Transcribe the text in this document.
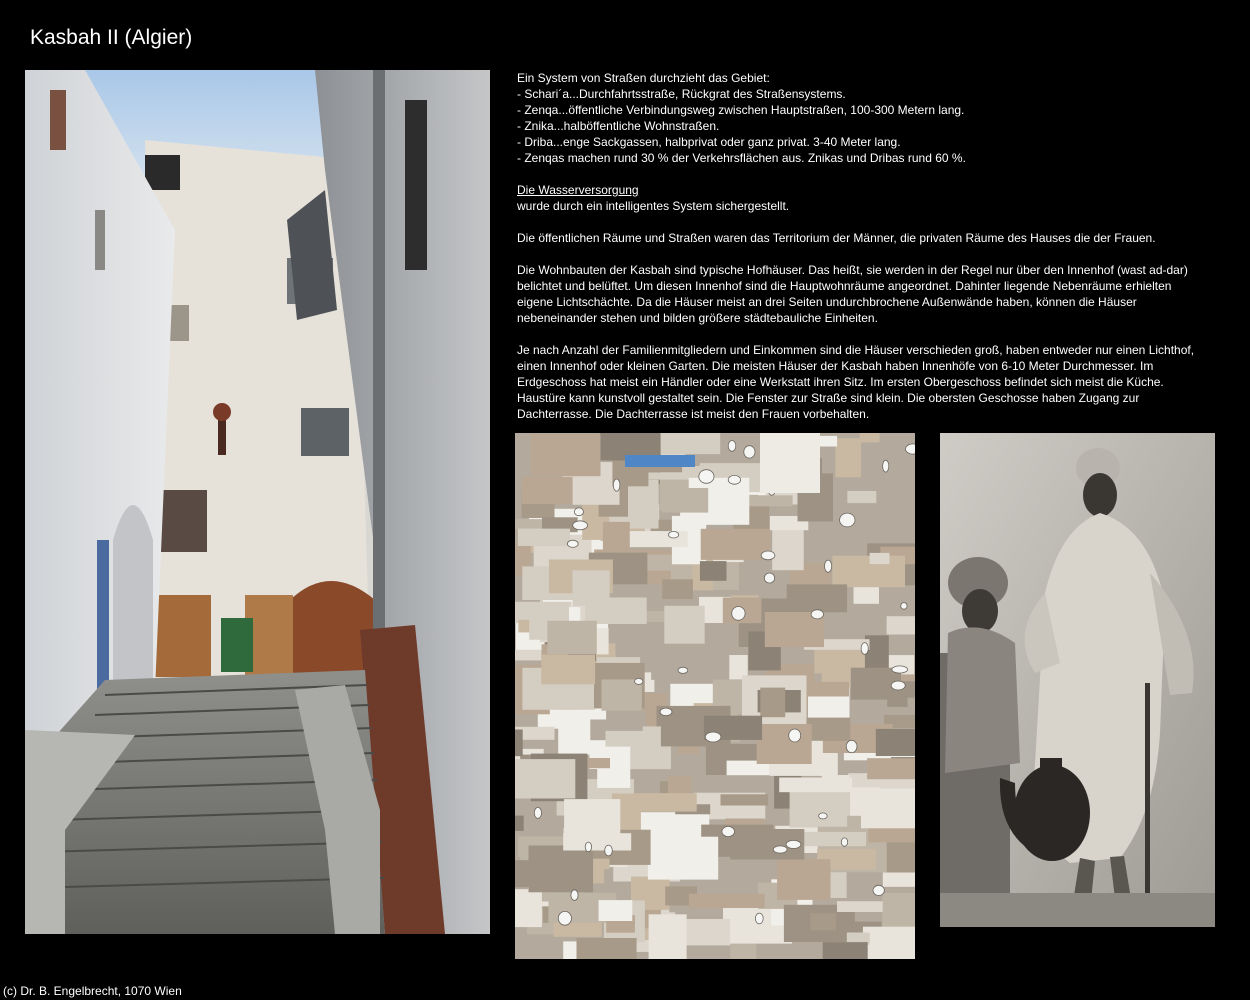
Kasbah II (Algier)
Ein System von Straßen durchzieht das Gebiet:
- Schari´a...Durchfahrtsstraße, Rückgrat des Straßensystems.
- Zenqa...öffentliche Verbindungsweg zwischen Hauptstraßen, 100-300 Metern lang.
- Znika...halböffentliche Wohnstraßen.
- Driba...enge Sackgassen, halbprivat oder ganz privat. 3-40 Meter lang.
- Zenqas machen rund 30 % der Verkehrsflächen aus. Znikas und Dribas rund 60 %.
Die Wasserversorgung
wurde durch ein intelligentes System sichergestellt.
Die öffentlichen Räume und Straßen waren das Territorium der Männer, die privaten Räume des Hauses die der Frauen.
Die Wohnbauten der Kasbah sind typische Hofhäuser. Das heißt, sie werden in der Regel nur über den Innenhof (wast ad-dar)
belichtet und belüftet. Um diesen Innenhof sind die Hauptwohnräume angeordnet. Dahinter liegende Nebenräume erhielten
eigene Lichtschächte. Da die Häuser meist an drei Seiten undurchbrochene Außenwände haben, können die Häuser
nebeneinander stehen und bilden größere städtebauliche Einheiten.
Je nach Anzahl der Familienmitgliedern und Einkommen sind die Häuser verschieden groß, haben entweder nur einen Lichthof,
einen Innenhof oder kleinen Garten. Die meisten Häuser der Kasbah haben Innenhöfe von 6-10 Meter Durchmesser. Im
Erdgeschoss hat meist ein Händler oder eine Werkstatt ihren Sitz. Im ersten Obergeschoss befindet sich meist die Küche.
Haustüre kann kunstvoll gestaltet sein. Die Fenster zur Straße sind klein. Die obersten Geschosse haben Zugang zur
Dachterrasse. Die Dachterrasse ist meist den Frauen vorbehalten.
(c) Dr. B. Engelbrecht, 1070 Wien
